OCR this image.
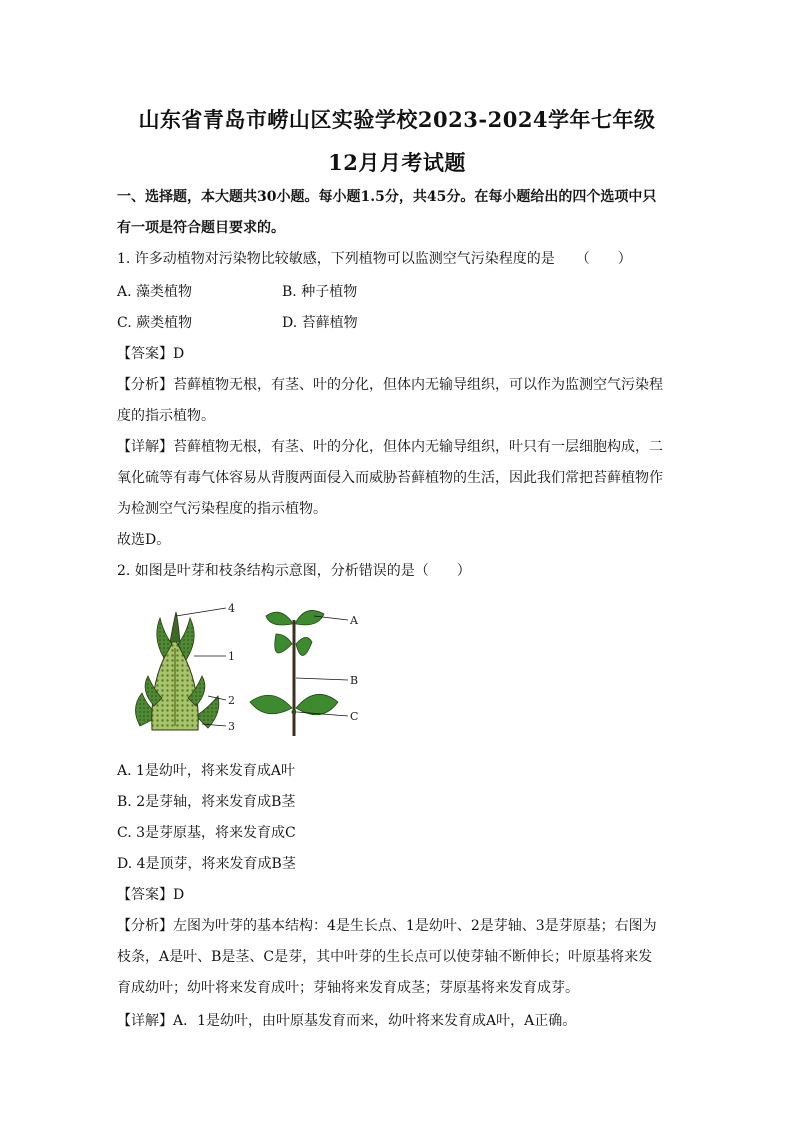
山东省青岛市崂山区实验学校2023-2024学年七年级
12月月考试题
一、选择题，本大题共30小题。每小题1.5分，共45分。在每小题给出的四个选项中只
有一项是符合题目要求的。
1. 许多动植物对污染物比较敏感，下列植物可以监测空气污染程度的是　　（　　）
A. 藻类植物	B. 种子植物
C. 蕨类植物	D. 苔藓植物
【答案】D
【分析】苔藓植物无根，有茎、叶的分化，但体内无输导组织，可以作为监测空气污染程
度的指示植物。
【详解】苔藓植物无根，有茎、叶的分化，但体内无输导组织，叶只有一层细胞构成，二
氧化硫等有毒气体容易从背腹两面侵入而威胁苔藓植物的生活，因此我们常把苔藓植物作
为检测空气污染程度的指示植物。
故选D。
2. 如图是叶芽和枝条结构示意图，分析错误的是（　　）
4
1
2
3
A
B
C
A. 1是幼叶，将来发育成A叶
B. 2是芽轴，将来发育成B茎
C. 3是芽原基，将来发育成C
D. 4是顶芽，将来发育成B茎
【答案】D
【分析】左图为叶芽的基本结构：4是生长点、1是幼叶、2是芽轴、3是芽原基；右图为
枝条，A是叶、B是茎、C是芽，其中叶芽的生长点可以使芽轴不断伸长；叶原基将来发
育成幼叶；幼叶将来发育成叶；芽轴将来发育成茎；芽原基将来发育成芽。
【详解】A．1是幼叶，由叶原基发育而来，幼叶将来发育成A叶，A正确。
